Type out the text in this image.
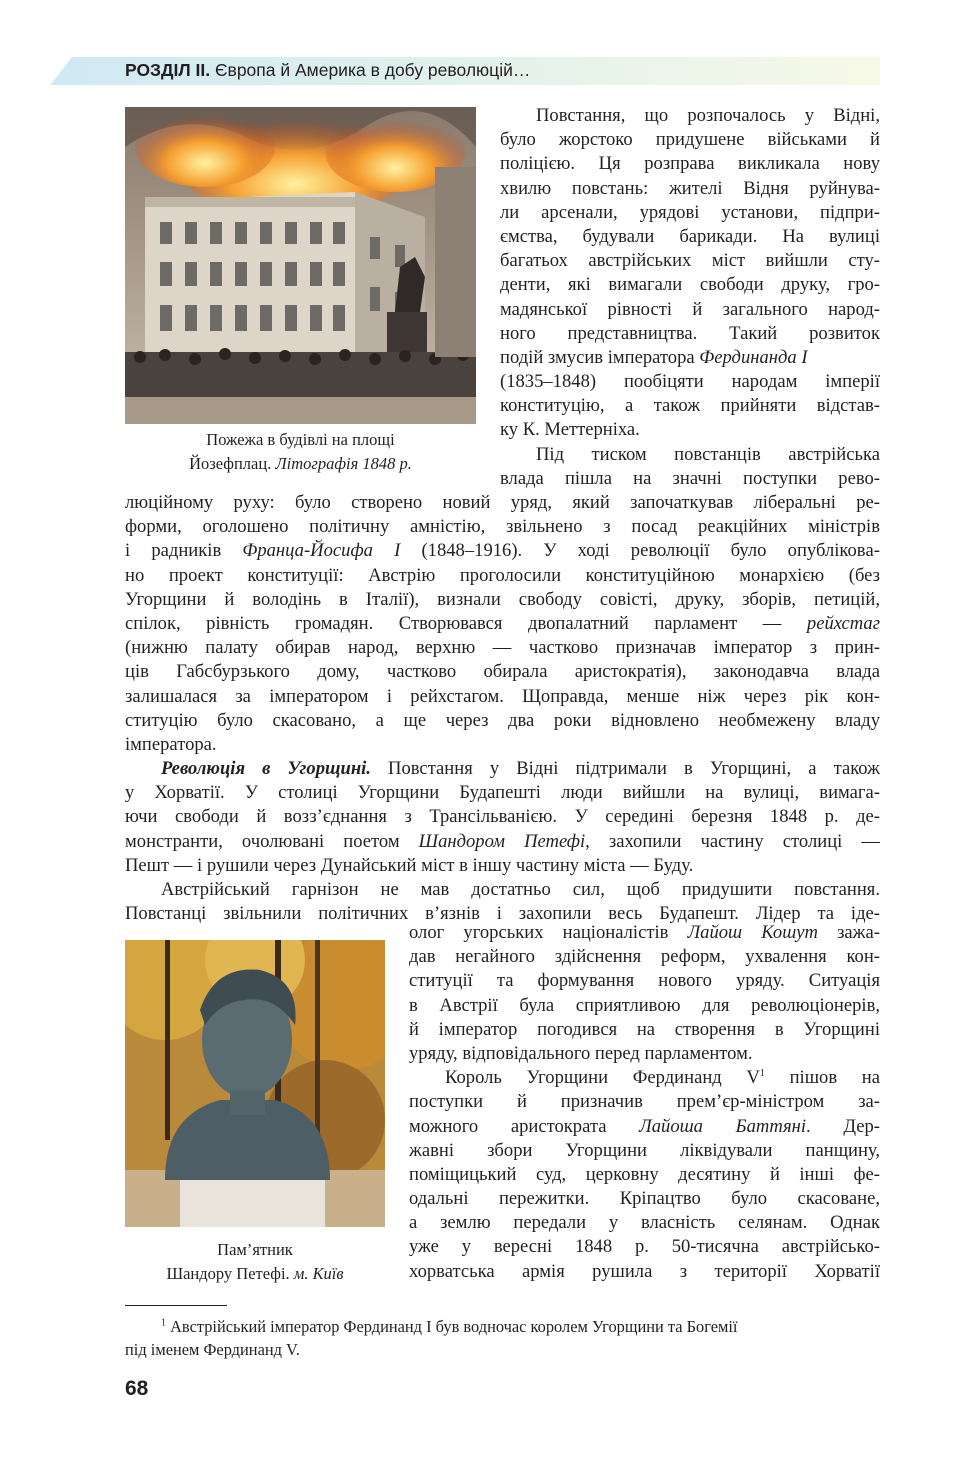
РОЗДІЛ ІІ. Європа й Америка в добу революцій…
Пожежа в будівлі на площі
Йозефплац. Літографія 1848 р.
Повстання, що розпочалось у Відні,
було жорстоко придушене військами й
поліцією. Ця розправа викликала нову
хвилю повстань: жителі Відня руйнува-
ли арсенали, урядові установи, підпри-
ємства, будували барикади. На вулиці
багатьох австрійських міст вийшли сту-
денти, які вимагали свободи друку, гро-
мадянської рівності й загального народ-
ного представництва. Такий розвиток
подій змусив імператора Фердинанда І
(1835–1848) пообіцяти народам імперії
конституцію, а також прийняти відстав-
ку К. Меттерніха.
Під тиском повстанців австрійська
влада пішла на значні поступки рево-
люційному руху: було створено новий уряд, який започаткував ліберальні ре-
форми, оголошено політичну амністію, звільнено з посад реакційних міністрів
і радників Франца-Йосифа І (1848–1916). У ході революції було опубліковa-
но проект конституції: Австрію проголосили конституційною монархією (без
Угорщини й володінь в Італії), визнали свободу совісті, друку, зборів, петицій,
спілок, рівність громадян. Створювався двопалатний парламент — рейхстаг
(нижню палату обирав народ, верхню — частково призначав імператор з прин-
ців Габсбурзького дому, частково обирала аристократія), законодавча влада
залишалася за імператором і рейхстагом. Щоправда, менше ніж через рік кон-
ституцію було скасовано, а ще через два роки відновлено необмежену владу
імператора.
Революція в Угорщині. Повстання у Відні підтримали в Угорщині, а також
у Хорватії. У столиці Угорщини Будапешті люди вийшли на вулиці, вимага-
ючи свободи й возз’єднання з Трансільванією. У середині березня 1848 р. де-
монстранти, очолювані поетом Шандором Петефі, захопили частину столиці —
Пешт — і рушили через Дунайський міст в іншу частину міста — Буду.
Австрійський гарнізон не мав достатньо сил, щоб придушити повстання.
Повстанці звільнили політичних в’язнів і захопили весь Будапешт. Лідер та іде-
Пам’ятник
Шандору Петефі. м. Київ
олог угорських націоналістів Лайош Кошут зажа-
дав негайного здійснення реформ, ухвалення кон-
ституції та формування нового уряду. Ситуація
в Австрії була сприятливою для революціонерів,
й імператор погодився на створення в Угорщині
уряду, відповідального перед парламентом.
Король Угорщини Фердинанд $V^1$ пішов на
поступки й призначив прем’єр-міністром за-
можного аристократа Лайоша Баттяні. Дер-
жавні збори Угорщини ліквідували панщину,
поміщицький суд, церковну десятину й інші фе-
одальні пережитки. Кріпацтво було скасоване,
а землю передали у власність селянам. Однак
уже у вересні 1848 р. 50-тисячна австрійсько-
хорватська армія рушила з території Хорватії
$^1$ Австрійський імператор Фердинанд І був водночас королем Угорщини та Богемії
під іменем Фердинанд V.
68
